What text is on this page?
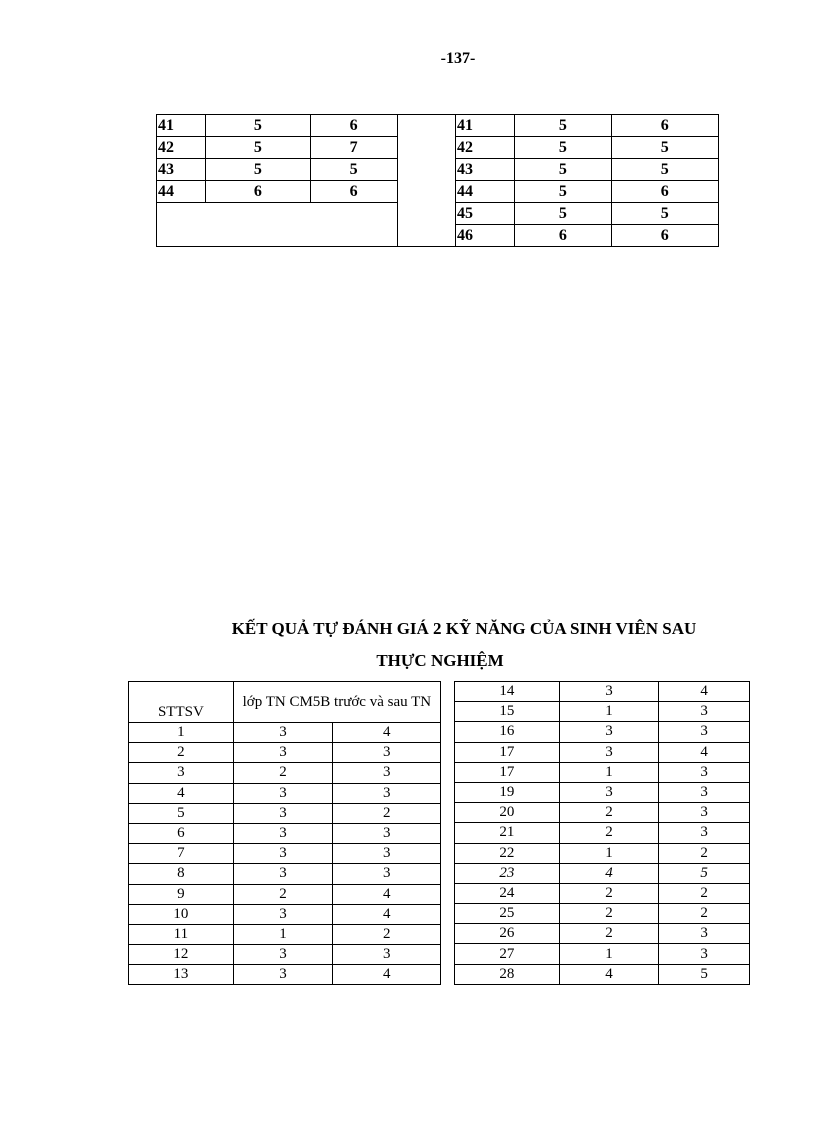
-137-
41	5	6		41	5	6
42	5	7		42	5	5
43	5	5		43	5	5
44	6	6		44	5	6
				45	5	5
				46	6	6
KẾT QUẢ TỰ ĐÁNH GIÁ 2 KỸ NĂNG CỦA SINH VIÊN SAU
THỰC NGHIỆM
STTSV	lớp TN CM5B trước và sau TN	
1	3	4
2	3	3
3	2	3
4	3	3
5	3	2
6	3	3
7	3	3
8	3	3
9	2	4
10	3	4
11	1	2
12	3	3
13	3	4
14	3	4
15	1	3
16	3	3
17	3	4
17	1	3
19	3	3
20	2	3
21	2	3
22	1	2
23	4	5
24	2	2
25	2	2
26	2	3
27	1	3
28	4	5
